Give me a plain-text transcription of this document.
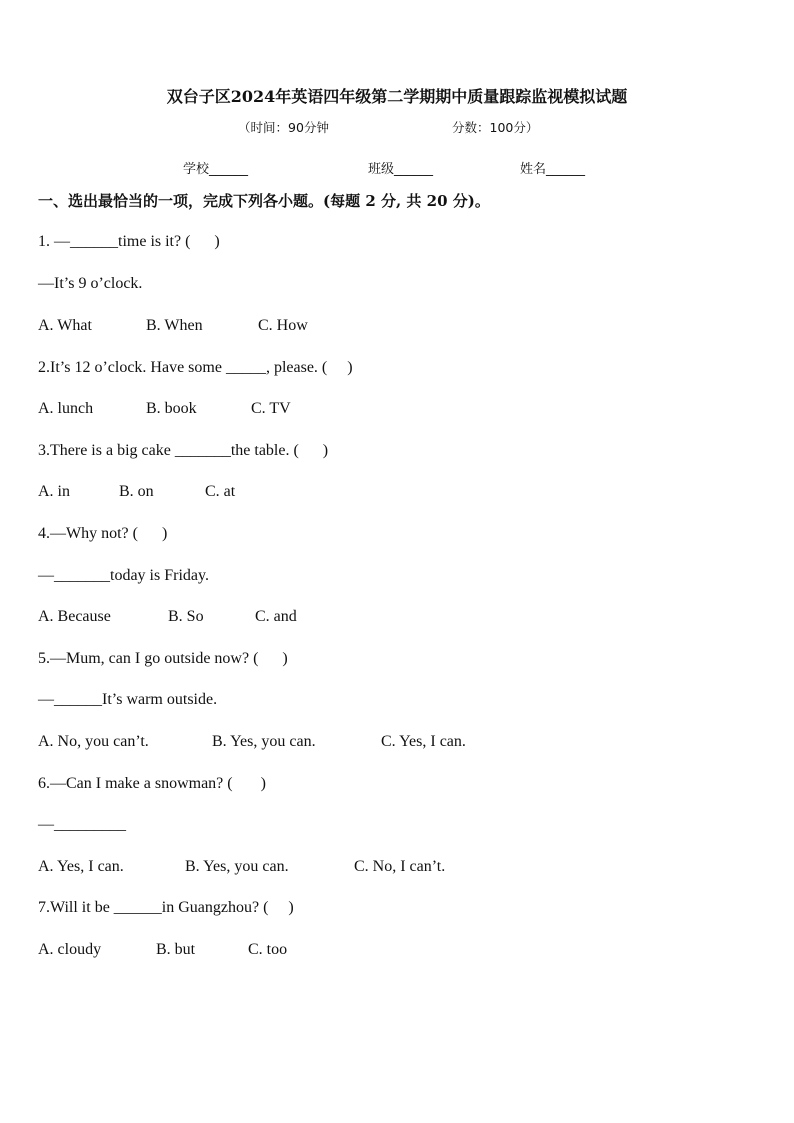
双台子区2024年英语四年级第二学期期中质量跟踪监视模拟试题
（时间：90分钟	分数：100分）
学校______	班级______	姓名______
一、选出最恰当的一项，完成下列各小题。(每题 2 分, 共 20 分)。
1. —______time is it? (      )
—It’s 9 o’clock.
A. What	B. When	C. How
2.It’s 12 o’clock. Have some _____, please. (     )
A. lunch	B. book	C. TV
3.There is a big cake _______the table. (      )
A. in	B. on	C. at
4.—Why not? (      )
—_______today is Friday.
A. Because	B. So	C. and
5.—Mum, can I go outside now? (      )
—______It’s warm outside.
A. No, you can’t.	B. Yes, you can.	C. Yes, I can.
6.—Can I make a snowman? (       )
—_________
A. Yes, I can.	B. Yes, you can.	C. No, I can’t.
7.Will it be ______in Guangzhou? (     )
A. cloudy	B. but	C. too
